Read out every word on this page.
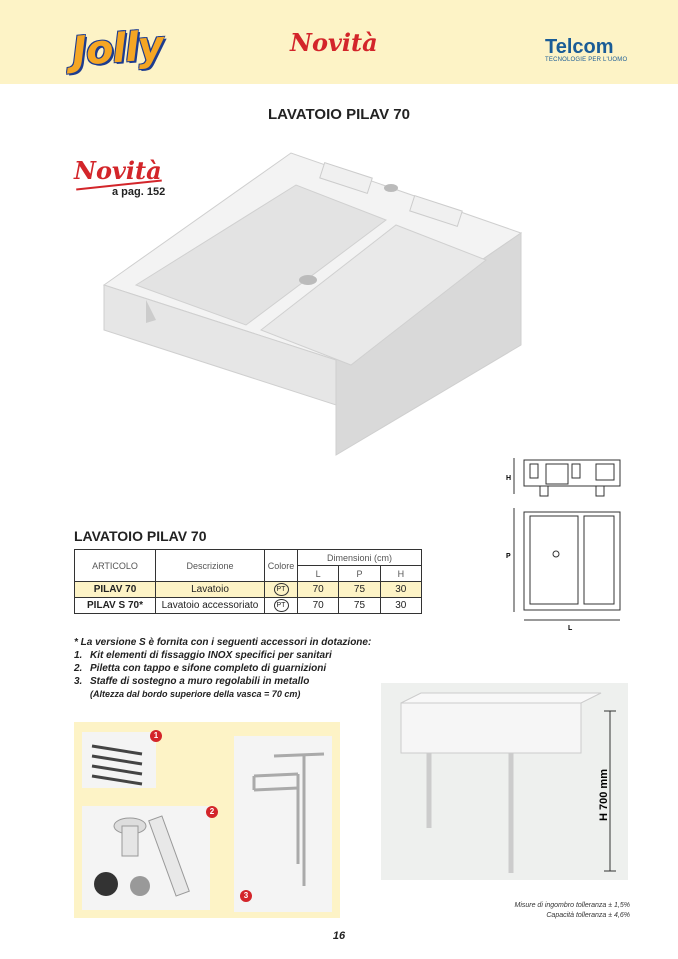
Jolly	Novità	Telcom
TECNOLOGIE PER L'UOMO
LAVATOIO PILAV 70
Novità
a pag. 152
H
P
L
LAVATOIO PILAV 70
ARTICOLO	Descrizione	Colore	Dimensioni (cm)		
			L	P	H
PILAV 70	Lavatoio	PT	70	75	30
PILAV S 70*	Lavatoio accessoriato	PT	70	75	30
* La versione S è fornita con i seguenti accessori in dotazione:
1. Kit elementi di fissaggio INOX specifici per sanitari
2. Piletta con tappo e sifone completo di guarnizioni
3. Staffe di sostegno a muro regolabili in metallo
(Altezza dal bordo superiore della vasca = 70 cm)
1
2
3
H 700 mm
Misure di ingombro tolleranza ± 1,5%
Capacità tolleranza ± 4,6%
16
